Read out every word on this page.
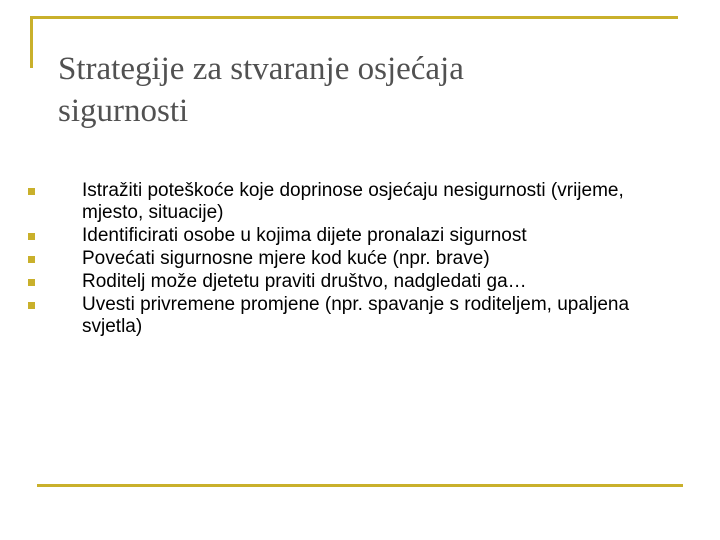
Strategije za stvaranje osjećaja
sigurnosti
Istražiti poteškoće koje doprinose osjećaju nesigurnosti (vrijeme, mjesto, situacije)
Identificirati osobe u kojima dijete pronalazi sigurnost
Povećati sigurnosne mjere kod kuće (npr. brave)
Roditelj može djetetu praviti društvo, nadgledati ga…
Uvesti privremene promjene (npr. spavanje s roditeljem, upaljena svjetla)
